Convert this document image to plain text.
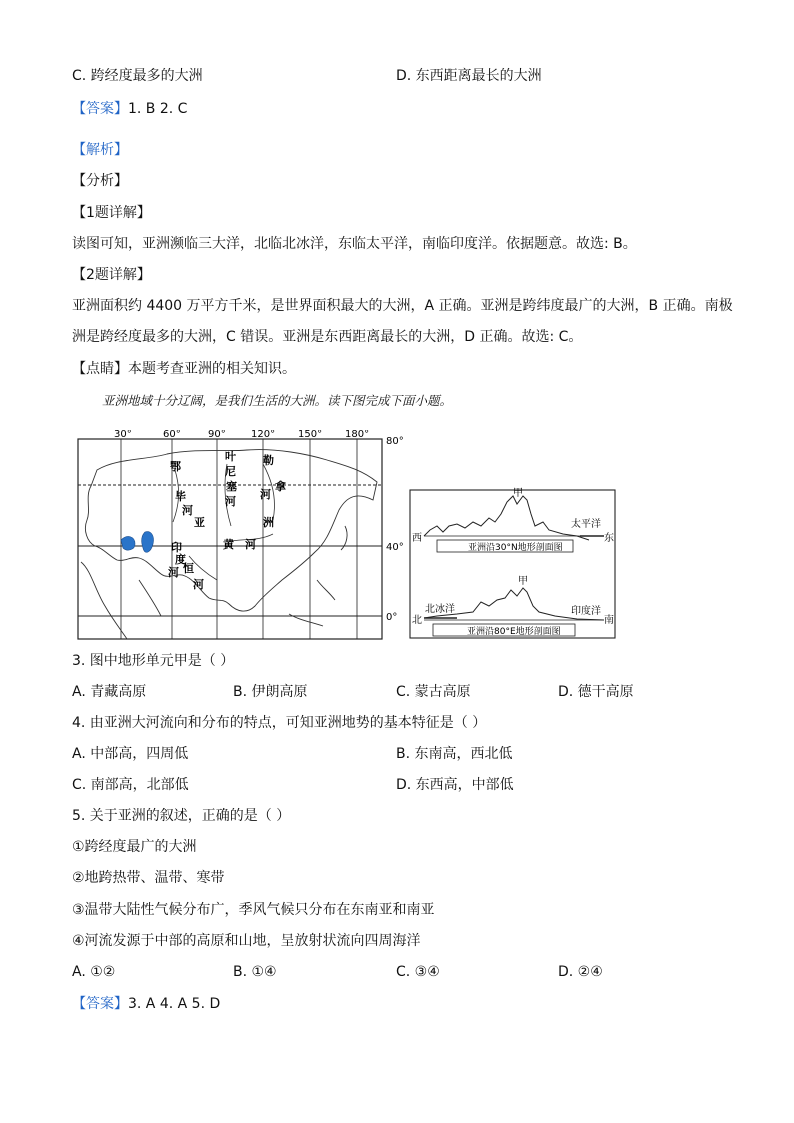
C. 跨经度最多的大洲	D. 东西距离最长的大洲
【答案】1. B 2. C
【解析】
【分析】
【1题详解】
读图可知，亚洲濒临三大洋，北临北冰洋，东临太平洋，南临印度洋。依据题意。故选: B。
【2题详解】
亚洲面积约 4400 万平方千米，是世界面积最大的大洲，A 正确。亚洲是跨纬度最广的大洲，B 正确。南极
洲是跨经度最多的大洲，C 错误。亚洲是东西距离最长的大洲，D 正确。故选: C。
【点睛】本题考查亚洲的相关知识。
亚洲地域十分辽阔，是我们生活的大洲。读下图完成下面小题。
30°	60°	90°	120° 150° 180°
80°
40°
0°
鄂
毕
河
叶
尼
塞
河
勒
拿
河
亚	洲
印
度
河 恒
河
黄 河
甲
西	东
太平洋
亚洲沿30°N地形剖面图
甲
北	南
北冰洋	印度洋
亚洲沿80°E地形剖面图
3. 图中地形单元甲是（ ）
A. 青藏高原	B. 伊朗高原	C. 蒙古高原	D. 德干高原
4. 由亚洲大河流向和分布的特点，可知亚洲地势的基本特征是（ ）
A. 中部高，四周低	B. 东南高，西北低
C. 南部高，北部低	D. 东西高，中部低
5. 关于亚洲的叙述，正确的是（ ）
①跨经度最广的大洲
②地跨热带、温带、寒带
③温带大陆性气候分布广，季风气候只分布在东南亚和南亚
④河流发源于中部的高原和山地，呈放射状流向四周海洋
A. ①②	B. ①④	C. ③④	D. ②④
【答案】3. A 4. A 5. D
